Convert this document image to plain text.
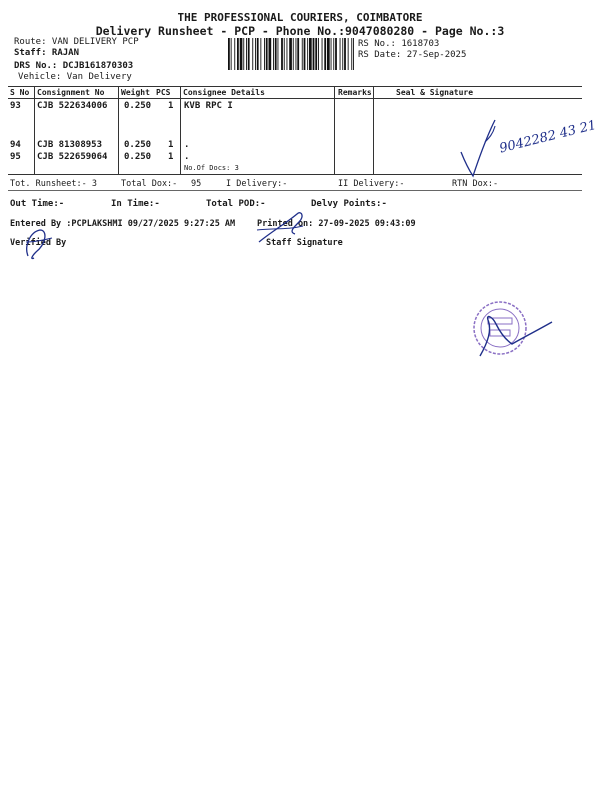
THE PROFESSIONAL COURIERS, COIMBATORE
Delivery Runsheet - PCP - Phone No.:9047080280 - Page No.:3
Route: VAN DELIVERY PCP
Staff: RAJAN
DRS No.: DCJB161870303
Vehicle: Van Delivery
RS No.: 1618703
RS Date: 27-Sep-2025
S No Consignment No Weight PCS Consignee Details	Remarks	Seal & Signature
93 CJB 522634006 0.250 1 KVB RPC I
94 CJB 81308953 0.250 1 .
95 CJB 522659064 0.250 1 .
No.Of Docs: 3
Tot. Runsheet:- 3	Total Dox:- 95	I Delivery:-	II Delivery:-	RTN Dox:-
Out Time:-	In Time:-	Total POD:-	Delvy Points:-
Entered By :PCPLAKSHMI 09/27/2025 9:27:25 AM	Printed on: 27-09-2025 09:43:09
Verified By	Staff Signature
9042282 43 21
